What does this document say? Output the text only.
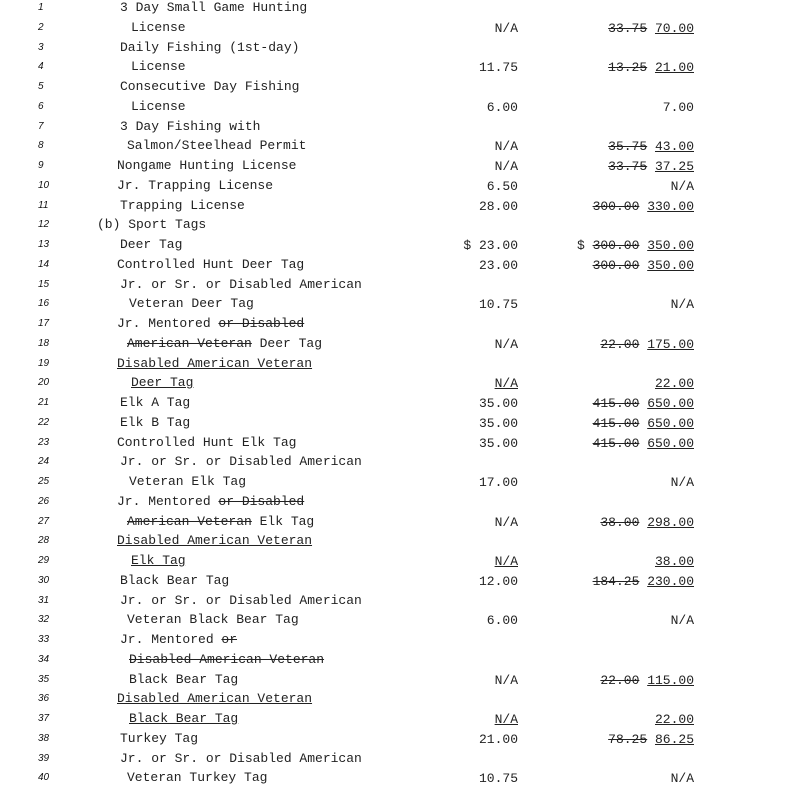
1	3 Day Small Game Hunting
2	License	N/A	33.75 70.00
3	Daily Fishing (1st-day)
4	License	11.75	13.25 21.00
5	Consecutive Day Fishing
6	License	6.00	7.00
7	3 Day Fishing with
8	Salmon/Steelhead Permit	N/A	35.75 43.00
9	Nongame Hunting License	N/A	33.75 37.25
10	Jr. Trapping License	6.50	N/A
11	Trapping License	28.00	300.00 330.00
12	(b) Sport Tags
13	Deer Tag	$ 23.00	$ 300.00 350.00
14	Controlled Hunt Deer Tag	23.00	300.00 350.00
15	Jr. or Sr. or Disabled American
16	Veteran Deer Tag	10.75	N/A
17	Jr. Mentored or Disabled
18	American Veteran Deer Tag	N/A	22.00 175.00
19	Disabled American Veteran
20	Deer Tag	N/A	22.00
21	Elk A Tag	35.00	415.00 650.00
22	Elk B Tag	35.00	415.00 650.00
23	Controlled Hunt Elk Tag	35.00	415.00 650.00
24	Jr. or Sr. or Disabled American
25	Veteran Elk Tag	17.00	N/A
26	Jr. Mentored or Disabled
27	American Veteran Elk Tag	N/A	38.00 298.00
28	Disabled American Veteran
29	Elk Tag	N/A	38.00
30	Black Bear Tag	12.00	184.25 230.00
31	Jr. or Sr. or Disabled American
32	Veteran Black Bear Tag	6.00	N/A
33	Jr. Mentored or
34	Disabled American Veteran
35	Black Bear Tag	N/A	22.00 115.00
36	Disabled American Veteran
37	Black Bear Tag	N/A	22.00
38	Turkey Tag	21.00	78.25 86.25
39	Jr. or Sr. or Disabled American
40	Veteran Turkey Tag	10.75	N/A
